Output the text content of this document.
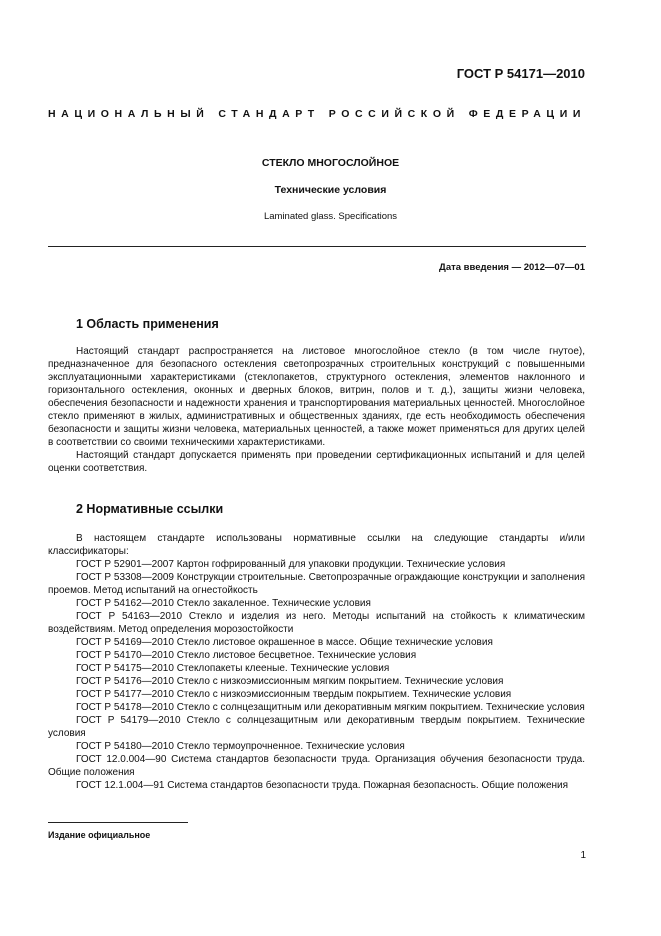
ГОСТ Р 54171—2010
НАЦИОНАЛЬНЫЙ СТАНДАРТ РОССИЙСКОЙ ФЕДЕРАЦИИ
СТЕКЛО МНОГОСЛОЙНОЕ
Технические условия
Laminated glass. Specifications
Дата введения — 2012—07—01
1 Область применения

Настоящий стандарт распространяется на листовое многослойное стекло (в том числе гнутое), предназначенное для безопасного остекления светопрозрачных строительных конструкций с повышенными эксплуатационными характеристиками (стеклопакетов, структурного остекления, элементов наклонного и горизонтального остекления, оконных и дверных блоков, витрин, полов и т. д.), защиты жизни человека, обеспечения безопасности и надежности хранения и транспортирования материальных ценностей. Многослойное стекло применяют в жилых, административных и общественных зданиях, где есть необходимость обеспечения безопасности и защиты жизни человека, материальных ценностей, а также может применяться для других целей в соответствии со своими техническими характеристиками.

Настоящий стандарт допускается применять при проведении сертификационных испытаний и для целей оценки соответствия.

2 Нормативные ссылки

В настоящем стандарте использованы нормативные ссылки на следующие стандарты и/или классификаторы:

ГОСТ Р 52901—2007 Картон гофрированный для упаковки продукции. Технические условия

ГОСТ Р 53308—2009 Конструкции строительные. Светопрозрачные ограждающие конструкции и заполнения проемов. Метод испытаний на огнестойкость

ГОСТ Р 54162—2010 Стекло закаленное. Технические условия

ГОСТ Р 54163—2010 Стекло и изделия из него. Методы испытаний на стойкость к климатическим воздействиям. Метод определения морозостойкости

ГОСТ Р 54169—2010 Стекло листовое окрашенное в массе. Общие технические условия

ГОСТ Р 54170—2010 Стекло листовое бесцветное. Технические условия

ГОСТ Р 54175—2010 Стеклопакеты клееные. Технические условия

ГОСТ Р 54176—2010 Стекло с низкоэмиссионным мягким покрытием. Технические условия

ГОСТ Р 54177—2010 Стекло с низкоэмиссионным твердым покрытием. Технические условия

ГОСТ Р 54178—2010 Стекло с солнцезащитным или декоративным мягким покрытием. Технические условия

ГОСТ Р 54179—2010 Стекло с солнцезащитным или декоративным твердым покрытием. Технические условия

ГОСТ Р 54180—2010 Стекло термоупрочненное. Технические условия

ГОСТ 12.0.004—90 Система стандартов безопасности труда. Организация обучения безопасности труда. Общие положения

ГОСТ 12.1.004—91 Система стандартов безопасности труда. Пожарная безопасность. Общие положения

Издание официальное
1
